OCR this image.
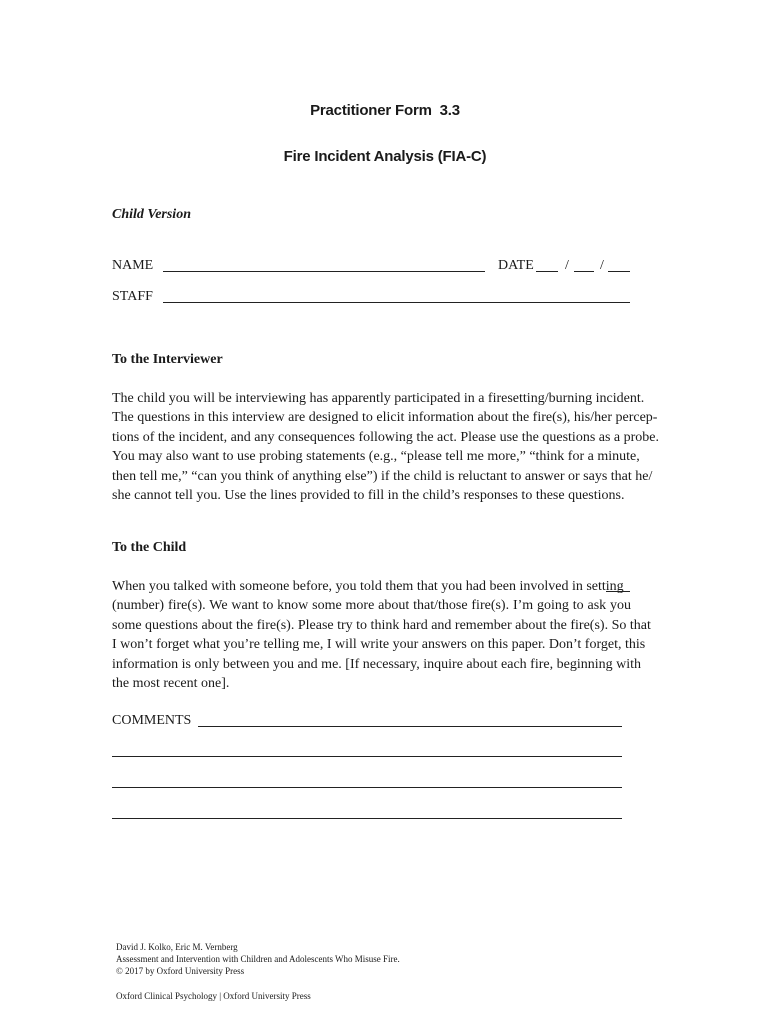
Practitioner Form  3.3
Fire Incident Analysis (FIA-C)
Child Version
NAME	DATE / /
STAFF
To the Interviewer
The child you will be interviewing has apparently participated in a firesetting/burning incident.
The questions in this interview are designed to elicit information about the fire(s), his/her percep-
tions of the incident, and any consequences following the act. Please use the questions as a probe.
You may also want to use probing statements (e.g., “please tell me more,” “think for a minute,
then tell me,” “can you think of anything else”) if the child is reluctant to answer or says that he/
she cannot tell you. Use the lines provided to fill in the child’s responses to these questions.
To the Child
When you talked with someone before, you told them that you had been involved in setting
(number) fire(s). We want to know some more about that/those fire(s). I’m going to ask you
some questions about the fire(s). Please try to think hard and remember about the fire(s). So that
I won’t forget what you’re telling me, I will write your answers on this paper. Don’t forget, this
information is only between you and me. [If necessary, inquire about each fire, beginning with
the most recent one].
COMMENTS
David J. Kolko, Eric M. Vernberg
Assessment and Intervention with Children and Adolescents Who Misuse Fire.
© 2017 by Oxford University Press
Oxford Clinical Psychology | Oxford University Press
